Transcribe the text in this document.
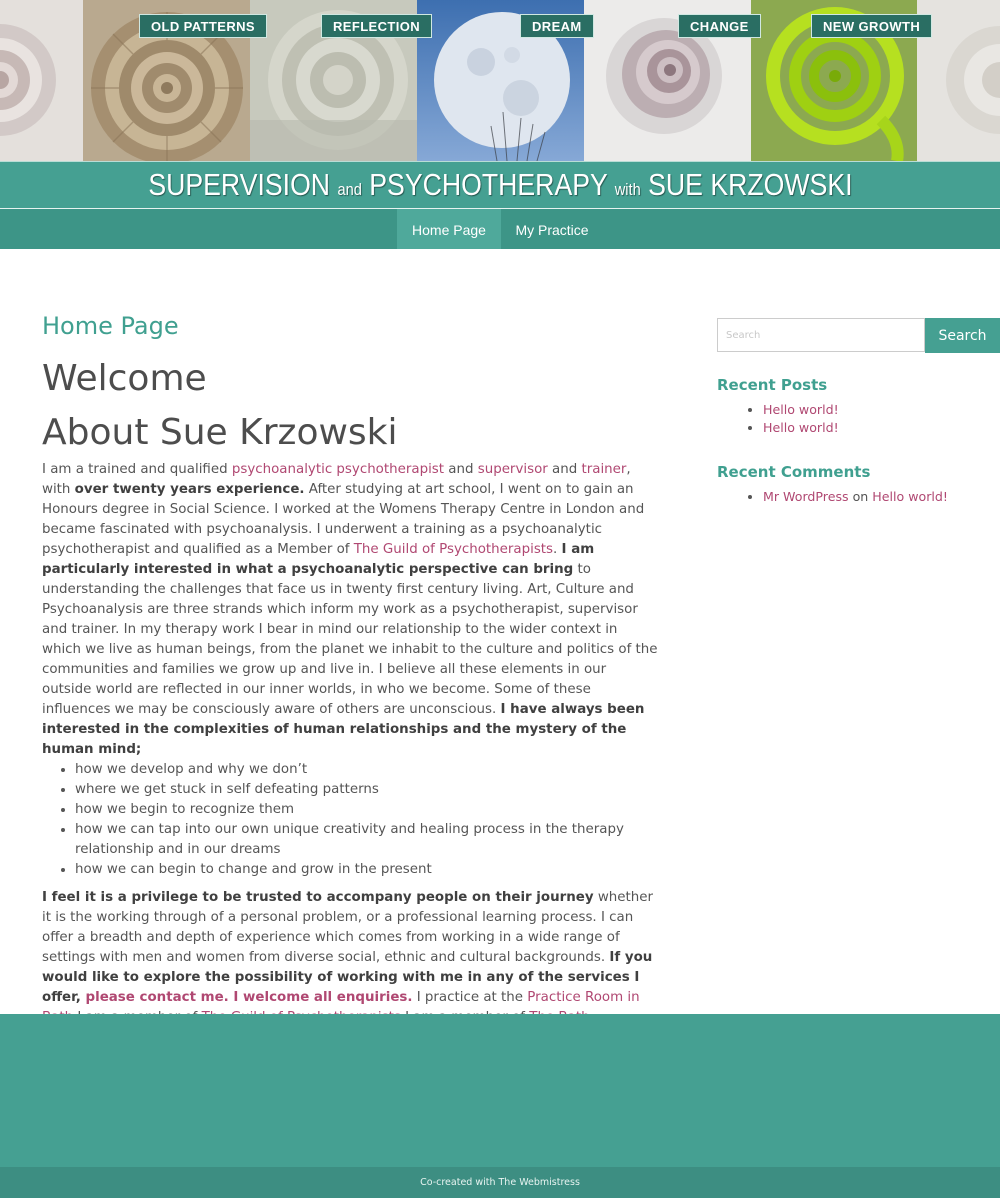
OLD PATTERNS	REFLECTION	DREAM	CHANGE	NEW GROWTH
SUPERVISION and PSYCHOTHERAPY with SUE KRZOWSKI
Home Page	My Practice
Home Page
Welcome
About Sue Krzowski

I am a trained and qualified psychoanalytic psychotherapist and supervisor and trainer, with over twenty years experience. After studying at art school, I went on to gain an Honours degree in Social Science. I worked at the Womens Therapy Centre in London and became fascinated with psychoanalysis. I underwent a training as a psychoanalytic psychotherapist and qualified as a Member of The Guild of Psychotherapists. I am particularly interested in what a psychoanalytic perspective can bring to understanding the challenges that face us in twenty first century living. Art, Culture and Psychoanalysis are three strands which inform my work as a psychotherapist, supervisor and trainer. In my therapy work I bear in mind our relationship to the wider context in which we live as human beings, from the planet we inhabit to the culture and politics of the communities and families we grow up and live in. I believe all these elements in our outside world are reflected in our inner worlds, in who we become. Some of these influences we may be consciously aware of others are unconscious. I have always been interested in the complexities of human relationships and the mystery of the human mind;

• how we develop and why we don’t
• where we get stuck in self defeating patterns
• how we begin to recognize them
• how we can tap into our own unique creativity and healing process in the therapy relationship and in our dreams
• how we can begin to change and grow in the present

I feel it is a privilege to be trusted to accompany people on their journey whether it is the working through of a personal problem, or a professional learning process. I can offer a breadth and depth of experience which comes from working in a wide range of settings with men and women from diverse social, ethnic and cultural backgrounds. If you would like to explore the possibility of working with me in any of the services I offer, please contact me. I welcome all enquiries. I practice at the Practice Room in

Search
Search
Recent Posts
• Hello world!
• Hello world!
Recent Comments
• Mr WordPress on Hello world!
Co-created with The Webmistress
